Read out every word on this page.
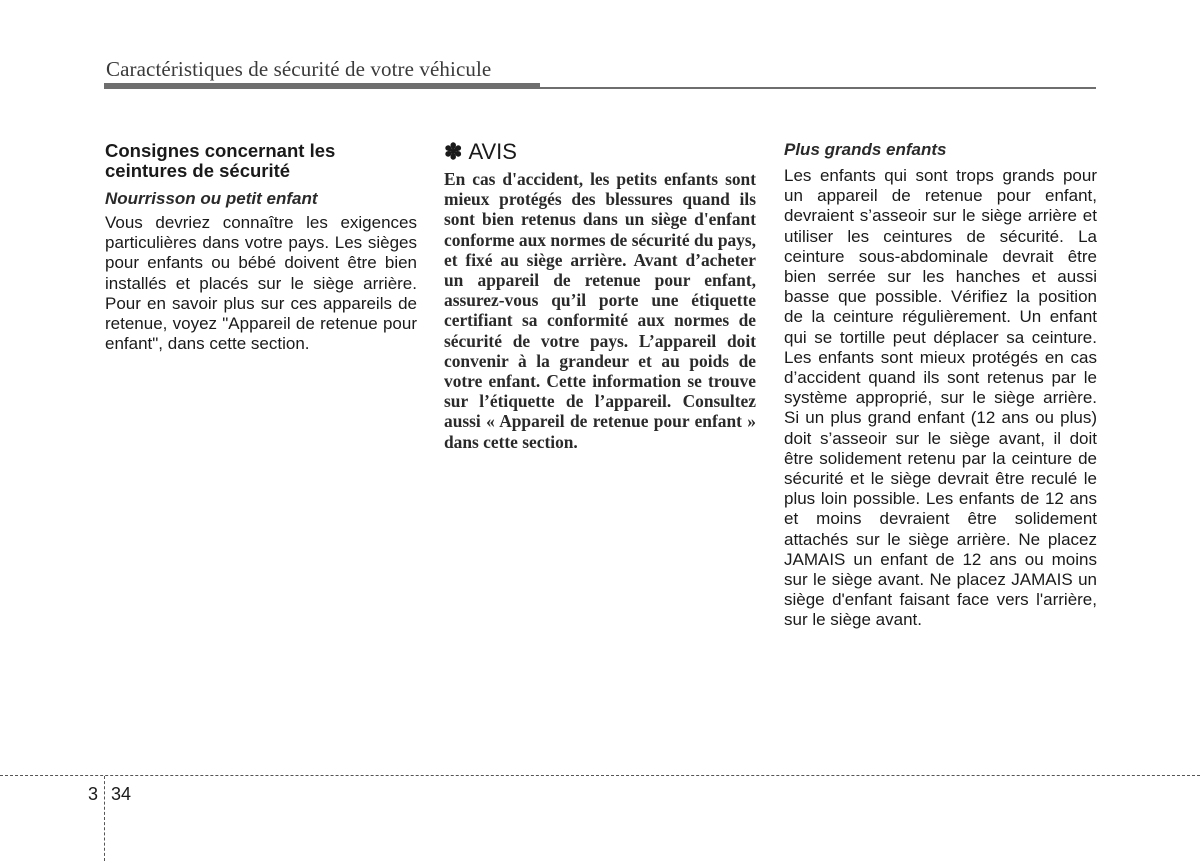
Caractéristiques de sécurité de votre véhicule
Consignes concernant les ceintures de sécurité
Nourrisson ou petit enfant

Vous devriez connaître les exigences particulières dans votre pays. Les sièges pour enfants ou bébé doivent être bien installés et placés sur le siège arrière. Pour en savoir plus sur ces appareils de retenue, voyez "Appareil de retenue pour enfant", dans cette section.

✽ AVIS

En cas d'accident, les petits enfants sont mieux protégés des blessures quand ils sont bien retenus dans un siège d'enfant conforme aux normes de sécurité du pays, et fixé au siège arrière. Avant d’acheter un appareil de retenue pour enfant, assurez-vous qu’il porte une étiquette certifiant sa conformité aux normes de sécurité de votre pays. L’appareil doit convenir à la grandeur et au poids de votre enfant. Cette information se trouve sur l’étiquette de l’appareil. Consultez aussi « Appareil de retenue pour enfant » dans cette section.

Plus grands enfants

Les enfants qui sont trops grands pour un appareil de retenue pour enfant, devraient s’asseoir sur le siège arrière et utiliser les ceintures de sécurité. La ceinture sous-abdominale devrait être bien serrée sur les hanches et aussi basse que possible. Vérifiez la position de la ceinture régulièrement. Un enfant qui se tortille peut déplacer sa ceinture. Les enfants sont mieux protégés en cas d’accident quand ils sont retenus par le système approprié, sur le siège arrière. Si un plus grand enfant (12 ans ou plus) doit s’asseoir sur le siège avant, il doit être solidement retenu par la ceinture de sécurité et le siège devrait être reculé le plus loin possible. Les enfants de 12 ans et moins devraient être solidement attachés sur le siège arrière. Ne placez JAMAIS un enfant de 12 ans ou moins sur le siège avant. Ne placez JAMAIS un siège d'enfant faisant face vers l'arrière, sur le siège avant.

3 34
